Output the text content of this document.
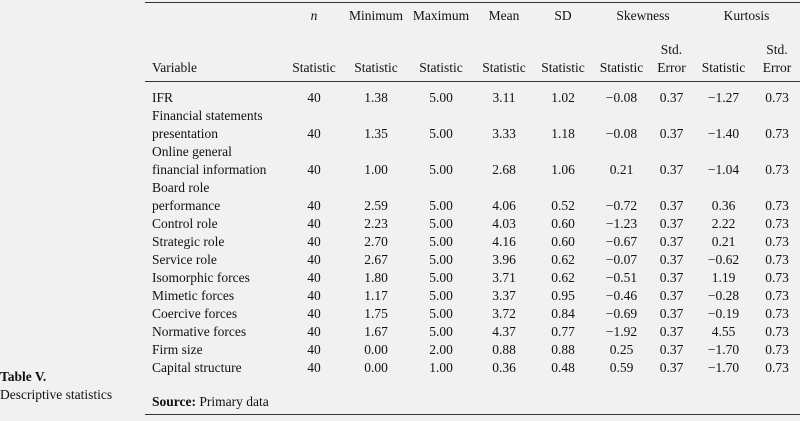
Table V.
Descriptive statistics
	n	Minimum	Maximum	Mean	SD	Skewness		Kurtosis	
Variable	Statistic	Statistic	Statistic	Statistic	Statistic	Statistic	Std. Error	Statistic	Std. Error

IFR	40	1.38	5.00	3.11	1.02	−0.08	0.37	−1.27	0.73

Financial statements
presentation	40	1.35	5.00	3.33	1.18	−0.08	0.37	−1.40	0.73

Online general
financial information	40	1.00	5.00	2.68	1.06	0.21	0.37	−1.04	0.73

Board role
performance	40	2.59	5.00	4.06	0.52	−0.72	0.37	0.36	0.73

Control role	40	2.23	5.00	4.03	0.60	−1.23	0.37	2.22	0.73

Strategic role	40	2.70	5.00	4.16	0.60	−0.67	0.37	0.21	0.73

Service role	40	2.67	5.00	3.96	0.62	−0.07	0.37	−0.62	0.73

Isomorphic forces	40	1.80	5.00	3.71	0.62	−0.51	0.37	1.19	0.73

Mimetic forces	40	1.17	5.00	3.37	0.95	−0.46	0.37	−0.28	0.73

Coercive forces	40	1.75	5.00	3.72	0.84	−0.69	0.37	−0.19	0.73

Normative forces	40	1.67	5.00	4.37	0.77	−1.92	0.37	4.55	0.73

Firm size	40	0.00	2.00	0.88	0.88	0.25	0.37	−1.70	0.73

Capital structure	40	0.00	1.00	0.36	0.48	0.59	0.37	−1.70	0.73
Source: Primary data
